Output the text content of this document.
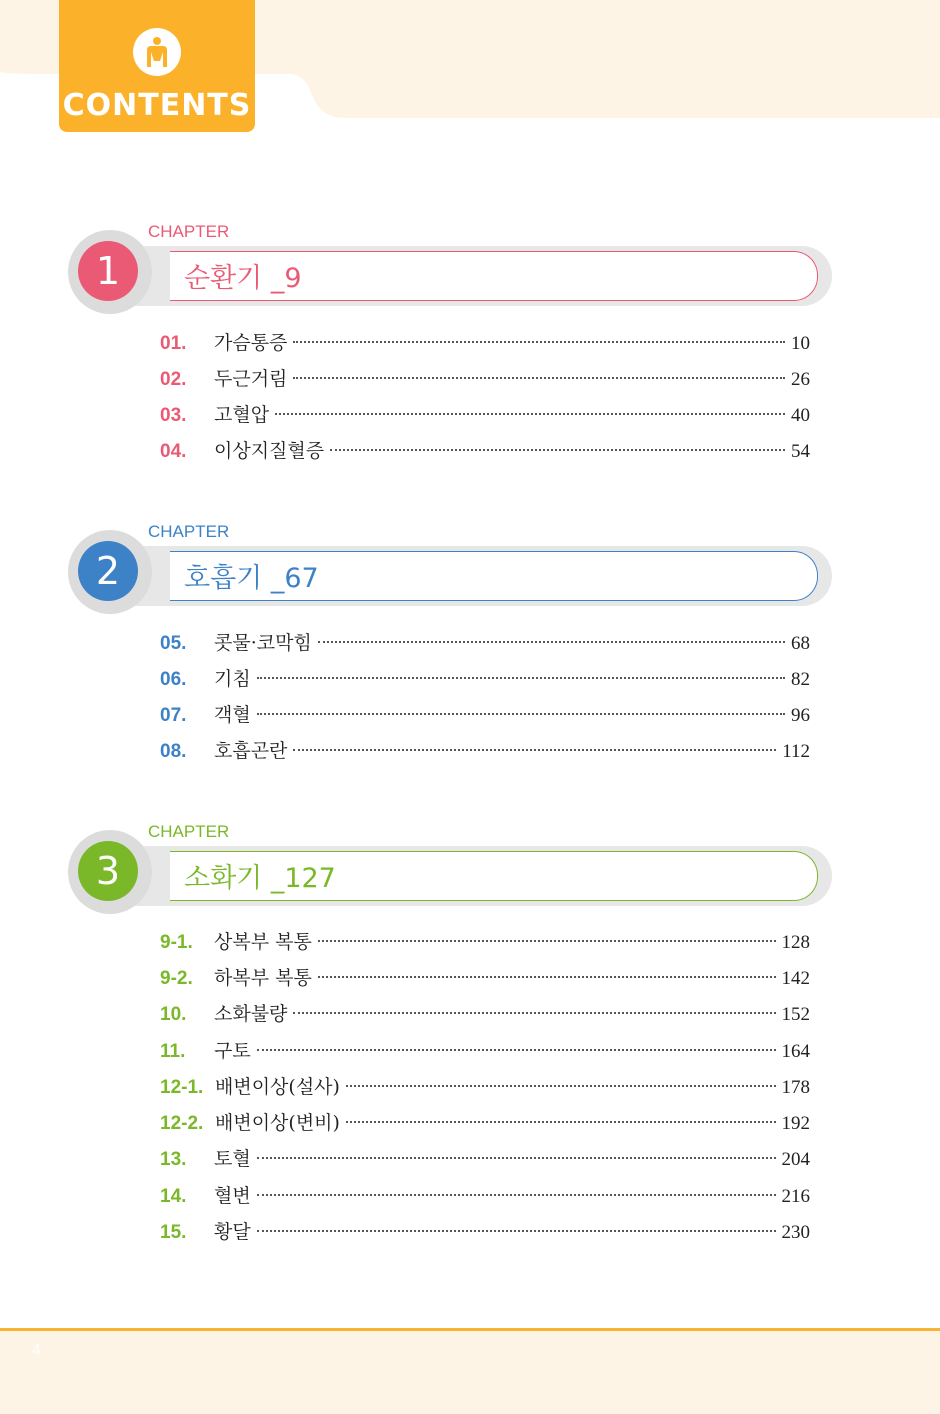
CONTENTS
1
CHAPTER
순환기 _9
01.	가슴통증	10
02.	두근거림	26
03.	고혈압	40
04.	이상지질혈증	54
2
CHAPTER
호흡기 _67
05.	콧물·코막힘	68
06.	기침	82
07.	객혈	96
08.	호흡곤란	112
3
CHAPTER
소화기 _127
9-1.	상복부 복통	128
9-2.	하복부 복통	142
10.	소화불량	152
11.	구토	164
12-1. 배변이상(설사)	178
12-2. 배변이상(변비)	192
13.	토혈	204
14.	혈변	216
15.	황달	230
4
